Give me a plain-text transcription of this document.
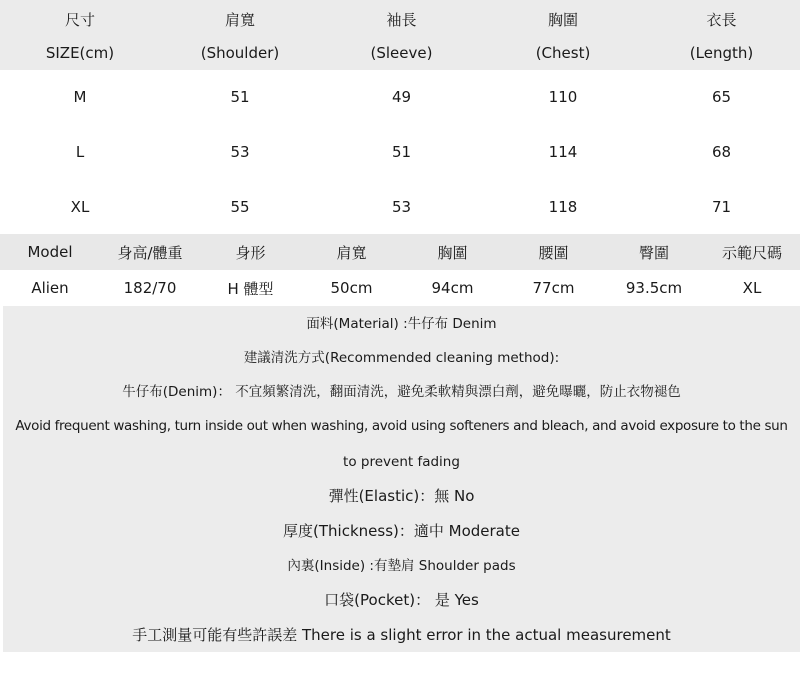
尺寸	肩寬	袖長	胸圍	衣長
SIZE(cm)	(Shoulder)	(Sleeve)	(Chest)	(Length)
M	51	49	110	65
L	53	51	114	68
XL	55	53	118	71
Model	身高/體重	身形	肩寬	胸圍	腰圍	臀圍	示範尺碼
Alien	182/70	H 體型	50cm	94cm	77cm	93.5cm	XL
面料(Material) :牛仔布 Denim
建議清洗方式(Recommended cleaning method):
牛仔布(Denim)： 不宜頻繁清洗，翻面清洗，避免柔軟精與漂白劑，避免曝曬，防止衣物褪色
Avoid frequent washing, turn inside out when washing, avoid using softeners and bleach, and avoid exposure to the sun
to prevent fading
彈性(Elastic)：無 No
厚度(Thickness)：適中 Moderate
內裏(Inside) :有墊肩 Shoulder pads
口袋(Pocket)： 是 Yes
手工測量可能有些許誤差 There is a slight error in the actual measurement
